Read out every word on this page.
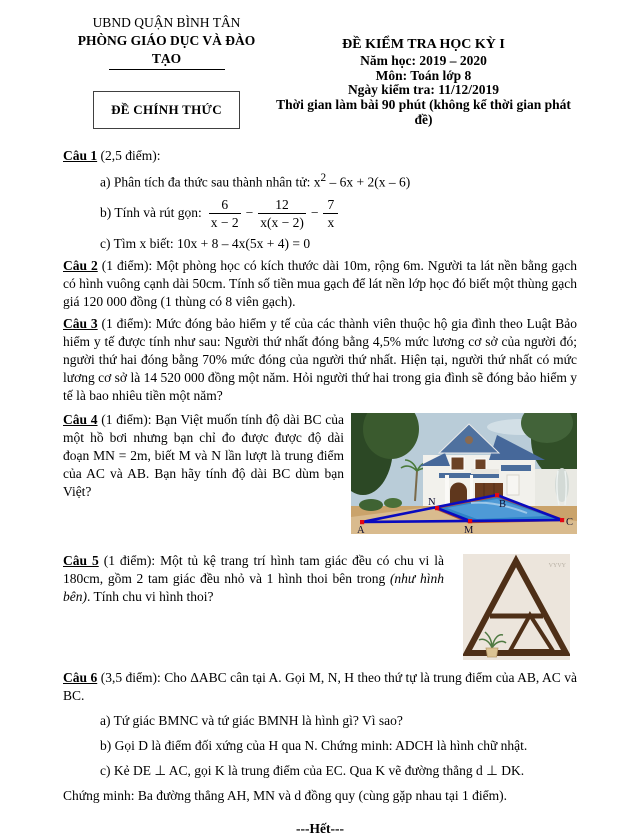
UBND QUẬN BÌNH TÂN
PHÒNG GIÁO DỤC VÀ ĐÀO TẠO
ĐỀ CHÍNH THỨC
ĐỀ KIỂM TRA HỌC KỲ I
Năm học: 2019 – 2020
Môn: Toán lớp 8
Ngày kiểm tra: 11/12/2019
Thời gian làm bài 90 phút (không kể thời gian phát đề)

Câu 1 (2,5 điểm):

a) Phân tích đa thức sau thành nhân tử: $x^2 - 6x + 2(x - 6)$

b) Tính và rút gọn: $\frac{6}{x - 2} - \frac{12}{x(x - 2)} - \frac{7}{x}$

c) Tìm x biết: 10x + 8 – 4x(5x + 4) = 0

Câu 2 (1 điểm): Một phòng học có kích thước dài 10m, rộng 6m. Người ta lát nền bằng gạch có hình vuông cạnh dài 50cm. Tính số tiền mua gạch để lát nền lớp học đó biết một thùng gạch giá 120 000 đồng (1 thùng có 8 viên gạch).

Câu 3 (1 điểm): Mức đóng bảo hiểm y tế của các thành viên thuộc hộ gia đình theo Luật Bảo hiểm y tế được tính như sau: Người thứ nhất đóng bằng 4,5% mức lương cơ sở của người đó; người thứ hai đóng bằng 70% mức đóng của người thứ nhất. Hiện tại, người thứ nhất có mức lương cơ sở là 14 520 000 đồng một năm. Hỏi người thứ hai trong gia đình sẽ đóng bảo hiểm y tế là bao nhiêu tiền một năm?

A	M
C
N	B

Câu 4 (1 điểm): Bạn Việt muốn tính độ dài BC của một hồ bơi nhưng bạn chỉ đo được được độ dài đoạn MN = 2m, biết M và N lần lượt là trung điểm của AC và AB. Bạn hãy tính độ dài BC dùm bạn Việt?

VYVY

Câu 5 (1 điểm): Một tủ kệ trang trí hình tam giác đều có chu vi là 180cm, gồm 2 tam giác đều nhỏ và 1 hình thoi bên trong (như hình bên). Tính chu vi hình thoi?

Câu 6 (3,5 điểm): Cho ΔABC cân tại A. Gọi M, N, H theo thứ tự là trung điểm của AB, AC và BC.

a) Tứ giác BMNC và tứ giác BMNH là hình gì? Vì sao?

b) Gọi D là điểm đối xứng của H qua N. Chứng minh: ADCH là hình chữ nhật.

c) Kẻ DE ⊥ AC, gọi K là trung điểm của EC. Qua K vẽ đường thẳng d ⊥ DK.

Chứng minh: Ba đường thẳng AH, MN và d đồng quy (cùng gặp nhau tại 1 điểm).

---Hết---
